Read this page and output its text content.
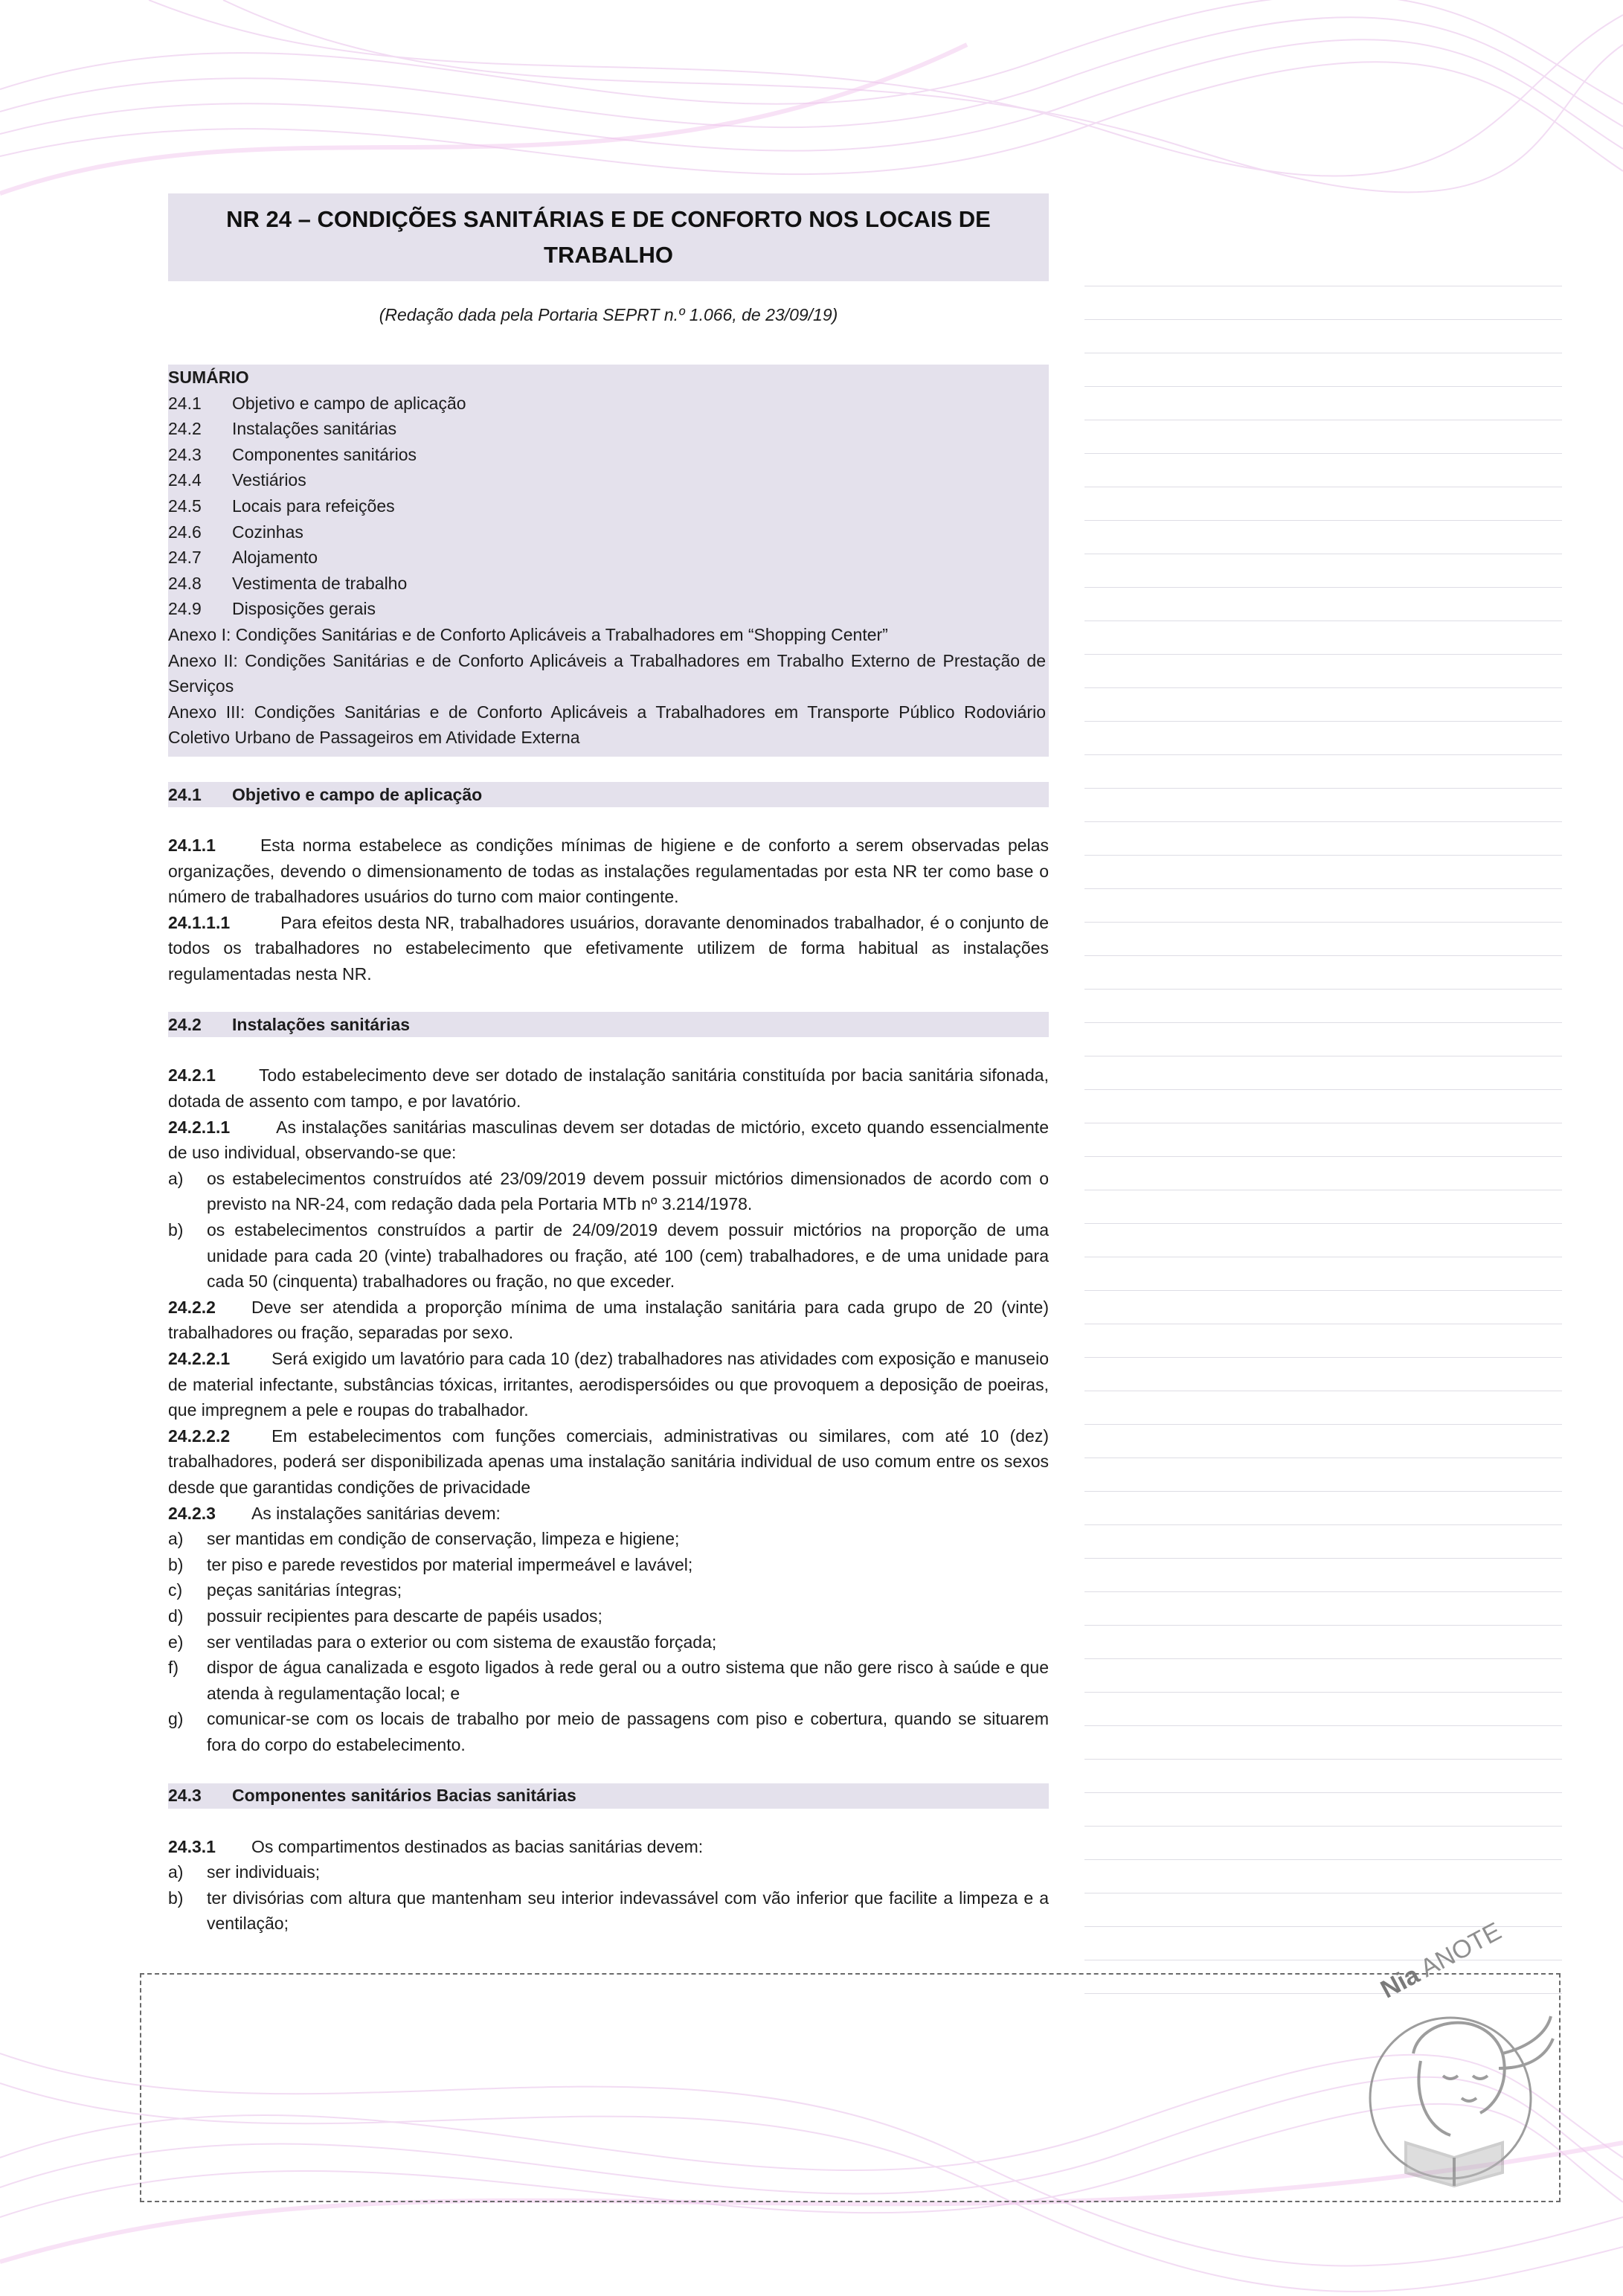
NR 24 – CONDIÇÕES SANITÁRIAS E DE CONFORTO NOS LOCAIS DE
TRABALHO
(Redação dada pela Portaria SEPRT n.º 1.066, de 23/09/19)
SUMÁRIO
24.1	Objetivo e campo de aplicação
24.2	Instalações sanitárias
24.3	Componentes sanitários
24.4	Vestiários
24.5	Locais para refeições
24.6	Cozinhas
24.7	Alojamento
24.8	Vestimenta de trabalho
24.9	Disposições gerais
Anexo I: Condições Sanitárias e de Conforto Aplicáveis a Trabalhadores em “Shopping Center”
Anexo II: Condições Sanitárias e de Conforto Aplicáveis a Trabalhadores em Trabalho Externo de Prestação de Serviços
Anexo III: Condições Sanitárias e de Conforto Aplicáveis a Trabalhadores em Transporte Público Rodoviário Coletivo Urbano de Passageiros em Atividade Externa
24.1	Objetivo e campo de aplicação
24.1.1	Esta norma estabelece as condições mínimas de higiene e de conforto a serem observadas pelas organizações, devendo o dimensionamento de todas as instalações regulamentadas por esta NR ter como base o número de trabalhadores usuários do turno com maior contingente.
24.1.1.1	Para efeitos desta NR, trabalhadores usuários, doravante denominados trabalhador, é o conjunto de todos os trabalhadores no estabelecimento que efetivamente utilizem de forma habitual as instalações regulamentadas nesta NR.
24.2	Instalações sanitárias
24.2.1	Todo estabelecimento deve ser dotado de instalação sanitária constituída por bacia sanitária sifonada, dotada de assento com tampo, e por lavatório.
24.2.1.1	As instalações sanitárias masculinas devem ser dotadas de mictório, exceto quando essencialmente de uso individual, observando-se que:
a)	os estabelecimentos construídos até 23/09/2019 devem possuir mictórios dimensionados de acordo com o previsto na NR-24, com redação dada pela Portaria MTb nº 3.214/1978.
b)	os estabelecimentos construídos a partir de 24/09/2019 devem possuir mictórios na proporção de uma unidade para cada 20 (vinte) trabalhadores ou fração, até 100 (cem) trabalhadores, e de uma unidade para cada 50 (cinquenta) trabalhadores ou fração, no que exceder.
24.2.2 Deve ser atendida a proporção mínima de uma instalação sanitária para cada grupo de 20 (vinte) trabalhadores ou fração, separadas por sexo.
24.2.2.1 Será exigido um lavatório para cada 10 (dez) trabalhadores nas atividades com exposição e manuseio de material infectante, substâncias tóxicas, irritantes, aerodispersóides ou que provoquem a deposição de poeiras, que impregnem a pele e roupas do trabalhador.
24.2.2.2 Em estabelecimentos com funções comerciais, administrativas ou similares, com até 10 (dez) trabalhadores, poderá ser disponibilizada apenas uma instalação sanitária individual de uso comum entre os sexos desde que garantidas condições de privacidade
24.2.3 As instalações sanitárias devem:
a)	ser mantidas em condição de conservação, limpeza e higiene;
b)	ter piso e parede revestidos por material impermeável e lavável;
c)	peças sanitárias íntegras;
d)	possuir recipientes para descarte de papéis usados;
e)	ser ventiladas para o exterior ou com sistema de exaustão forçada;
f)	dispor de água canalizada e esgoto ligados à rede geral ou a outro sistema que não gere risco à saúde e que atenda à regulamentação local; e
g)	comunicar-se com os locais de trabalho por meio de passagens com piso e cobertura, quando se situarem fora do corpo do estabelecimento.
24.3	Componentes sanitários Bacias sanitárias
24.3.1 Os compartimentos destinados as bacias sanitárias devem:
a)	ser individuais;
b)	ter divisórias com altura que mantenham seu interior indevassável com vão inferior que facilite a limpeza e a ventilação;
Nia ANOTE
